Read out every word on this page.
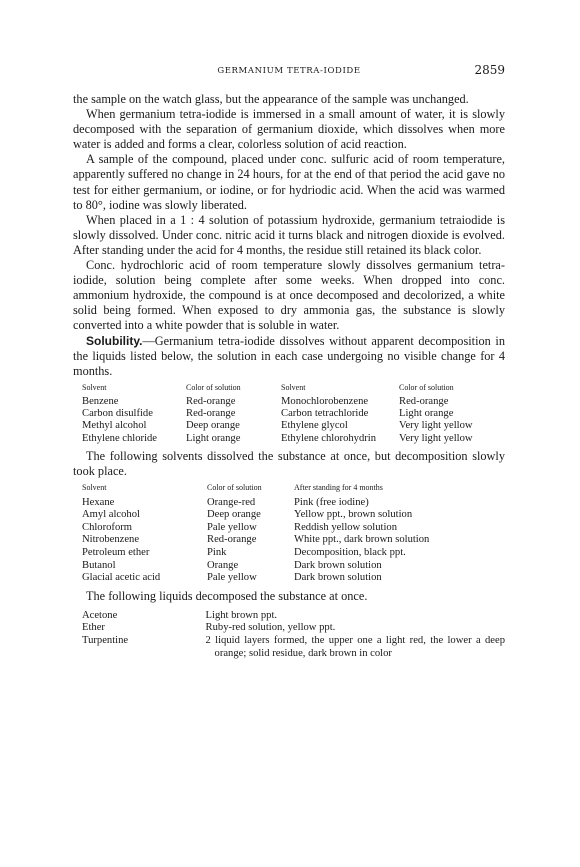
GERMANIUM TETRA-IODIDE	2859

the sample on the watch glass, but the appearance of the sample was unchanged.

When germanium tetra-iodide is immersed in a small amount of water, it is slowly decomposed with the separation of germanium dioxide, which dissolves when more water is added and forms a clear, colorless solution of acid reaction.

A sample of the compound, placed under conc. sulfuric acid of room temperature, apparently suffered no change in 24 hours, for at the end of that period the acid gave no test for either germanium, or iodine, or for hydriodic acid. When the acid was warmed to 80°, iodine was slowly liberated.

When placed in a 1 : 4 solution of potassium hydroxide, germanium tetraiodide is slowly dissolved. Under conc. nitric acid it turns black and nitrogen dioxide is evolved. After standing under the acid for 4 months, the residue still retained its black color.

Conc. hydrochloric acid of room temperature slowly dissolves germanium tetra-iodide, solution being complete after some weeks. When dropped into conc. ammonium hydroxide, the compound is at once decomposed and decolorized, a white solid being formed. When exposed to dry ammonia gas, the substance is slowly converted into a white powder that is soluble in water.

Solubility.—Germanium tetra-iodide dissolves without apparent decomposition in the liquids listed below, the solution in each case undergoing no visible change for 4 months.

Solvent	Color of solution	Solvent	Color of solution
Benzene	Red-orange	Monochlorobenzene	Red-orange
Carbon disulfide	Red-orange	Carbon tetrachloride	Light orange
Methyl alcohol	Deep orange	Ethylene glycol	Very light yellow
Ethylene chloride	Light orange	Ethylene chlorohydrin	Very light yellow

The following solvents dissolved the substance at once, but decomposition slowly took place.

Solvent	Color of solution	After standing for 4 months
Hexane	Orange-red	Pink (free iodine)
Amyl alcohol	Deep orange	Yellow ppt., brown solution
Chloroform	Pale yellow	Reddish yellow solution
Nitrobenzene	Red-orange	White ppt., dark brown solution
Petroleum ether	Pink	Decomposition, black ppt.
Butanol	Orange	Dark brown solution
Glacial acetic acid	Pale yellow	Dark brown solution

The following liquids decomposed the substance at once.

Acetone	Light brown ppt.
Ether	Ruby-red solution, yellow ppt.
Turpentine	2 liquid layers formed, the upper one a light red, the lower a deep orange; solid residue, dark brown in color
